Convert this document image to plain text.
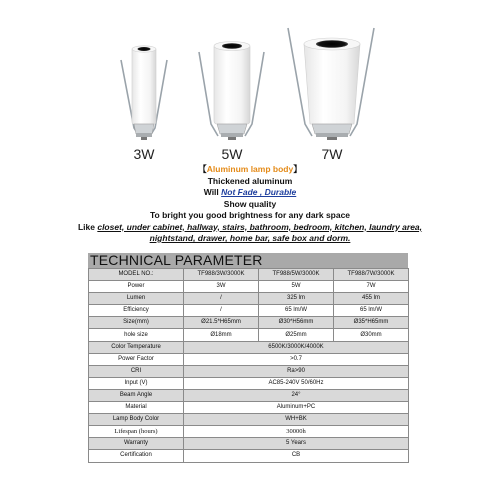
3W	5W	7W
【Aluminum lamp body】
Thickened aluminum
Will Not Fade , Durable
Show quality
To bright you good brightness for any dark space
Like closet, under cabinet, hallway, stairs, bathroom, bedroom, kitchen, laundry area,
nightstand, drawer, home bar, safe box and dorm.
TECHNICAL PARAMETER
MODEL NO.:	TF988/3W/3000K	TF988/5W/3000K	TF988/7W/3000K
Power	3W	5W	7W
Lumen	/	325 lm	455 lm
Efficiency	/	65 lm/W	65 lm/W
Size(mm)	Ø21.5*H65mm	Ø30*H56mm	Ø35*H65mm
hole size	Ø18mm	Ø25mm	Ø30mm
Color Temperature	6500K/3000K/4000K		
Power Factor	>0.7		
CRI	Ra>90		
Input (V)	AC85-240V 50/60Hz		
Beam Angle	24°		
Material	Aluminum+PC		
Lamp Body Color	WH+BK		
Lifespan (hours)	30000h		
Warranty	5 Years		
Certification	CB		
